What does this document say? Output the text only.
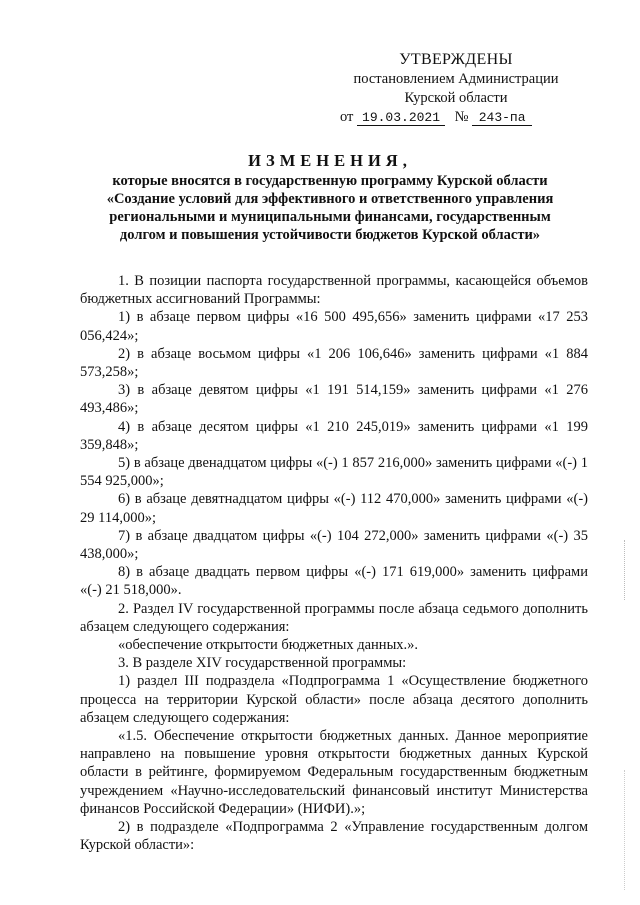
УТВЕРЖДЕНЫ
постановлением Администрации
Курской области
от 19.03.2021 № 243-па
ИЗМЕНЕНИЯ,
которые вносятся в государственную программу Курской области
«Создание условий для эффективного и ответственного управления
региональными и муниципальными финансами, государственным
долгом и повышения устойчивости бюджетов Курской области»

1. В позиции паспорта государственной программы, касающейся объемов бюджетных ассигнований Программы:

1) в абзаце первом цифры «16 500 495,656» заменить цифрами «17 253 056,424»;

2) в абзаце восьмом цифры «1 206 106,646» заменить цифрами «1 884 573,258»;

3) в абзаце девятом цифры «1 191 514,159» заменить цифрами «1 276 493,486»;

4) в абзаце десятом цифры «1 210 245,019» заменить цифрами «1 199 359,848»;

5) в абзаце двенадцатом цифры «(-) 1 857 216,000» заменить цифрами «(-) 1 554 925,000»;

6) в абзаце девятнадцатом цифры «(-) 112 470,000» заменить цифрами «(-) 29 114,000»;

7) в абзаце двадцатом цифры «(-) 104 272,000» заменить цифрами «(-) 35 438,000»;

8) в абзаце двадцать первом цифры «(-) 171 619,000» заменить цифрами «(-) 21 518,000».

2. Раздел IV государственной программы после абзаца седьмого дополнить абзацем следующего содержания:

«обеспечение открытости бюджетных данных.».

3. В разделе XIV государственной программы:

1) раздел III подраздела «Подпрограмма 1 «Осуществление бюджетного процесса на территории Курской области» после абзаца десятого дополнить абзацем следующего содержания:

«1.5. Обеспечение открытости бюджетных данных. Данное мероприятие направлено на повышение уровня открытости бюджетных данных Курской области в рейтинге, формируемом Федеральным государственным бюджетным учреждением «Научно-исследовательский финансовый институт Министерства финансов Российской Федерации» (НИФИ).»;

2) в подразделе «Подпрограмма 2 «Управление государственным долгом Курской области»:
